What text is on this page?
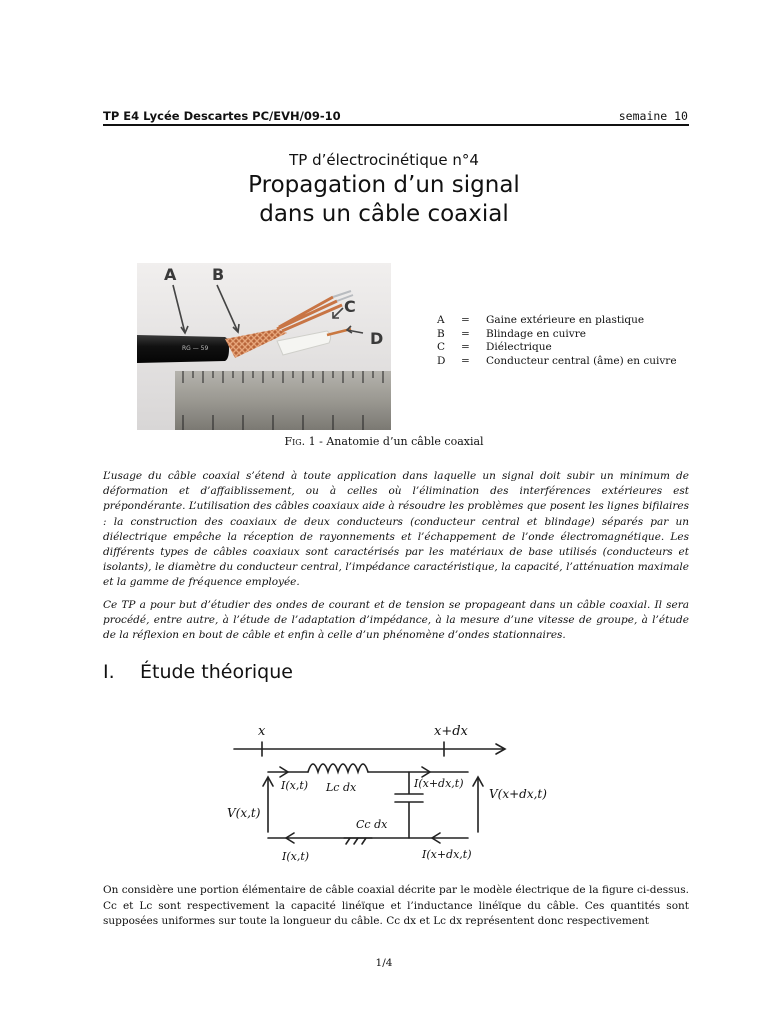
TP E4 Lycée Descartes PC/EVH/09-10	semaine 10
TP d’électrocinétique n°4
Propagation d’un signal
dans un câble coaxial
A B
C
D
RG — 59
A	=	Gaine extérieure en plastique
B	=	Blindage en cuivre
C	=	Diélectrique
D	=	Conducteur central (âme) en cuivre
Fig. 1 - Anatomie d’un câble coaxial
L’usage du câble coaxial s’étend à toute application dans laquelle un signal doit subir un minimum de déformation et d’affaiblissement, ou à celles où l’élimination des interférences extérieures est prépondérante. L’utilisation des câbles coaxiaux aide à résoudre les problèmes que posent les lignes bifilaires : la construction des coaxiaux de deux conducteurs (conducteur central et blindage) séparés par un diélectrique empêche la réception de rayonnements et l’échappement de l’onde électromagnétique. Les différents types de câbles coaxiaux sont caractérisés par les matériaux de base utilisés (conducteurs et isolants), le diamètre du conducteur central, l’impédance caractéristique, la capacité, l’atténuation maximale et la gamme de fréquence employée.
Ce TP a pour but d’étudier des ondes de courant et de tension se propageant dans un câble coaxial. Il sera procédé, entre autre, à l’étude de l’adaptation d’impédance, à la mesure d’une vitesse de groupe, à l’étude de la réflexion en bout de câble et enfin à celle d’un phénomène d’ondes stationnaires.
I. Étude théorique
x	x+dx
I(x,t) Lc dx	I(x+dx,t)
V(x,t)
V(x+dx,t)
Cc dx
I(x,t)	I(x+dx,t)
On considère une portion élémentaire de câble coaxial décrite par le modèle électrique de la figure ci-dessus. Cc et Lc sont respectivement la capacité linéïque et l’inductance linéïque du câble. Ces quantités sont supposées uniformes sur toute la longueur du câble. Cc dx et Lc dx représentent donc respectivement
1/4
